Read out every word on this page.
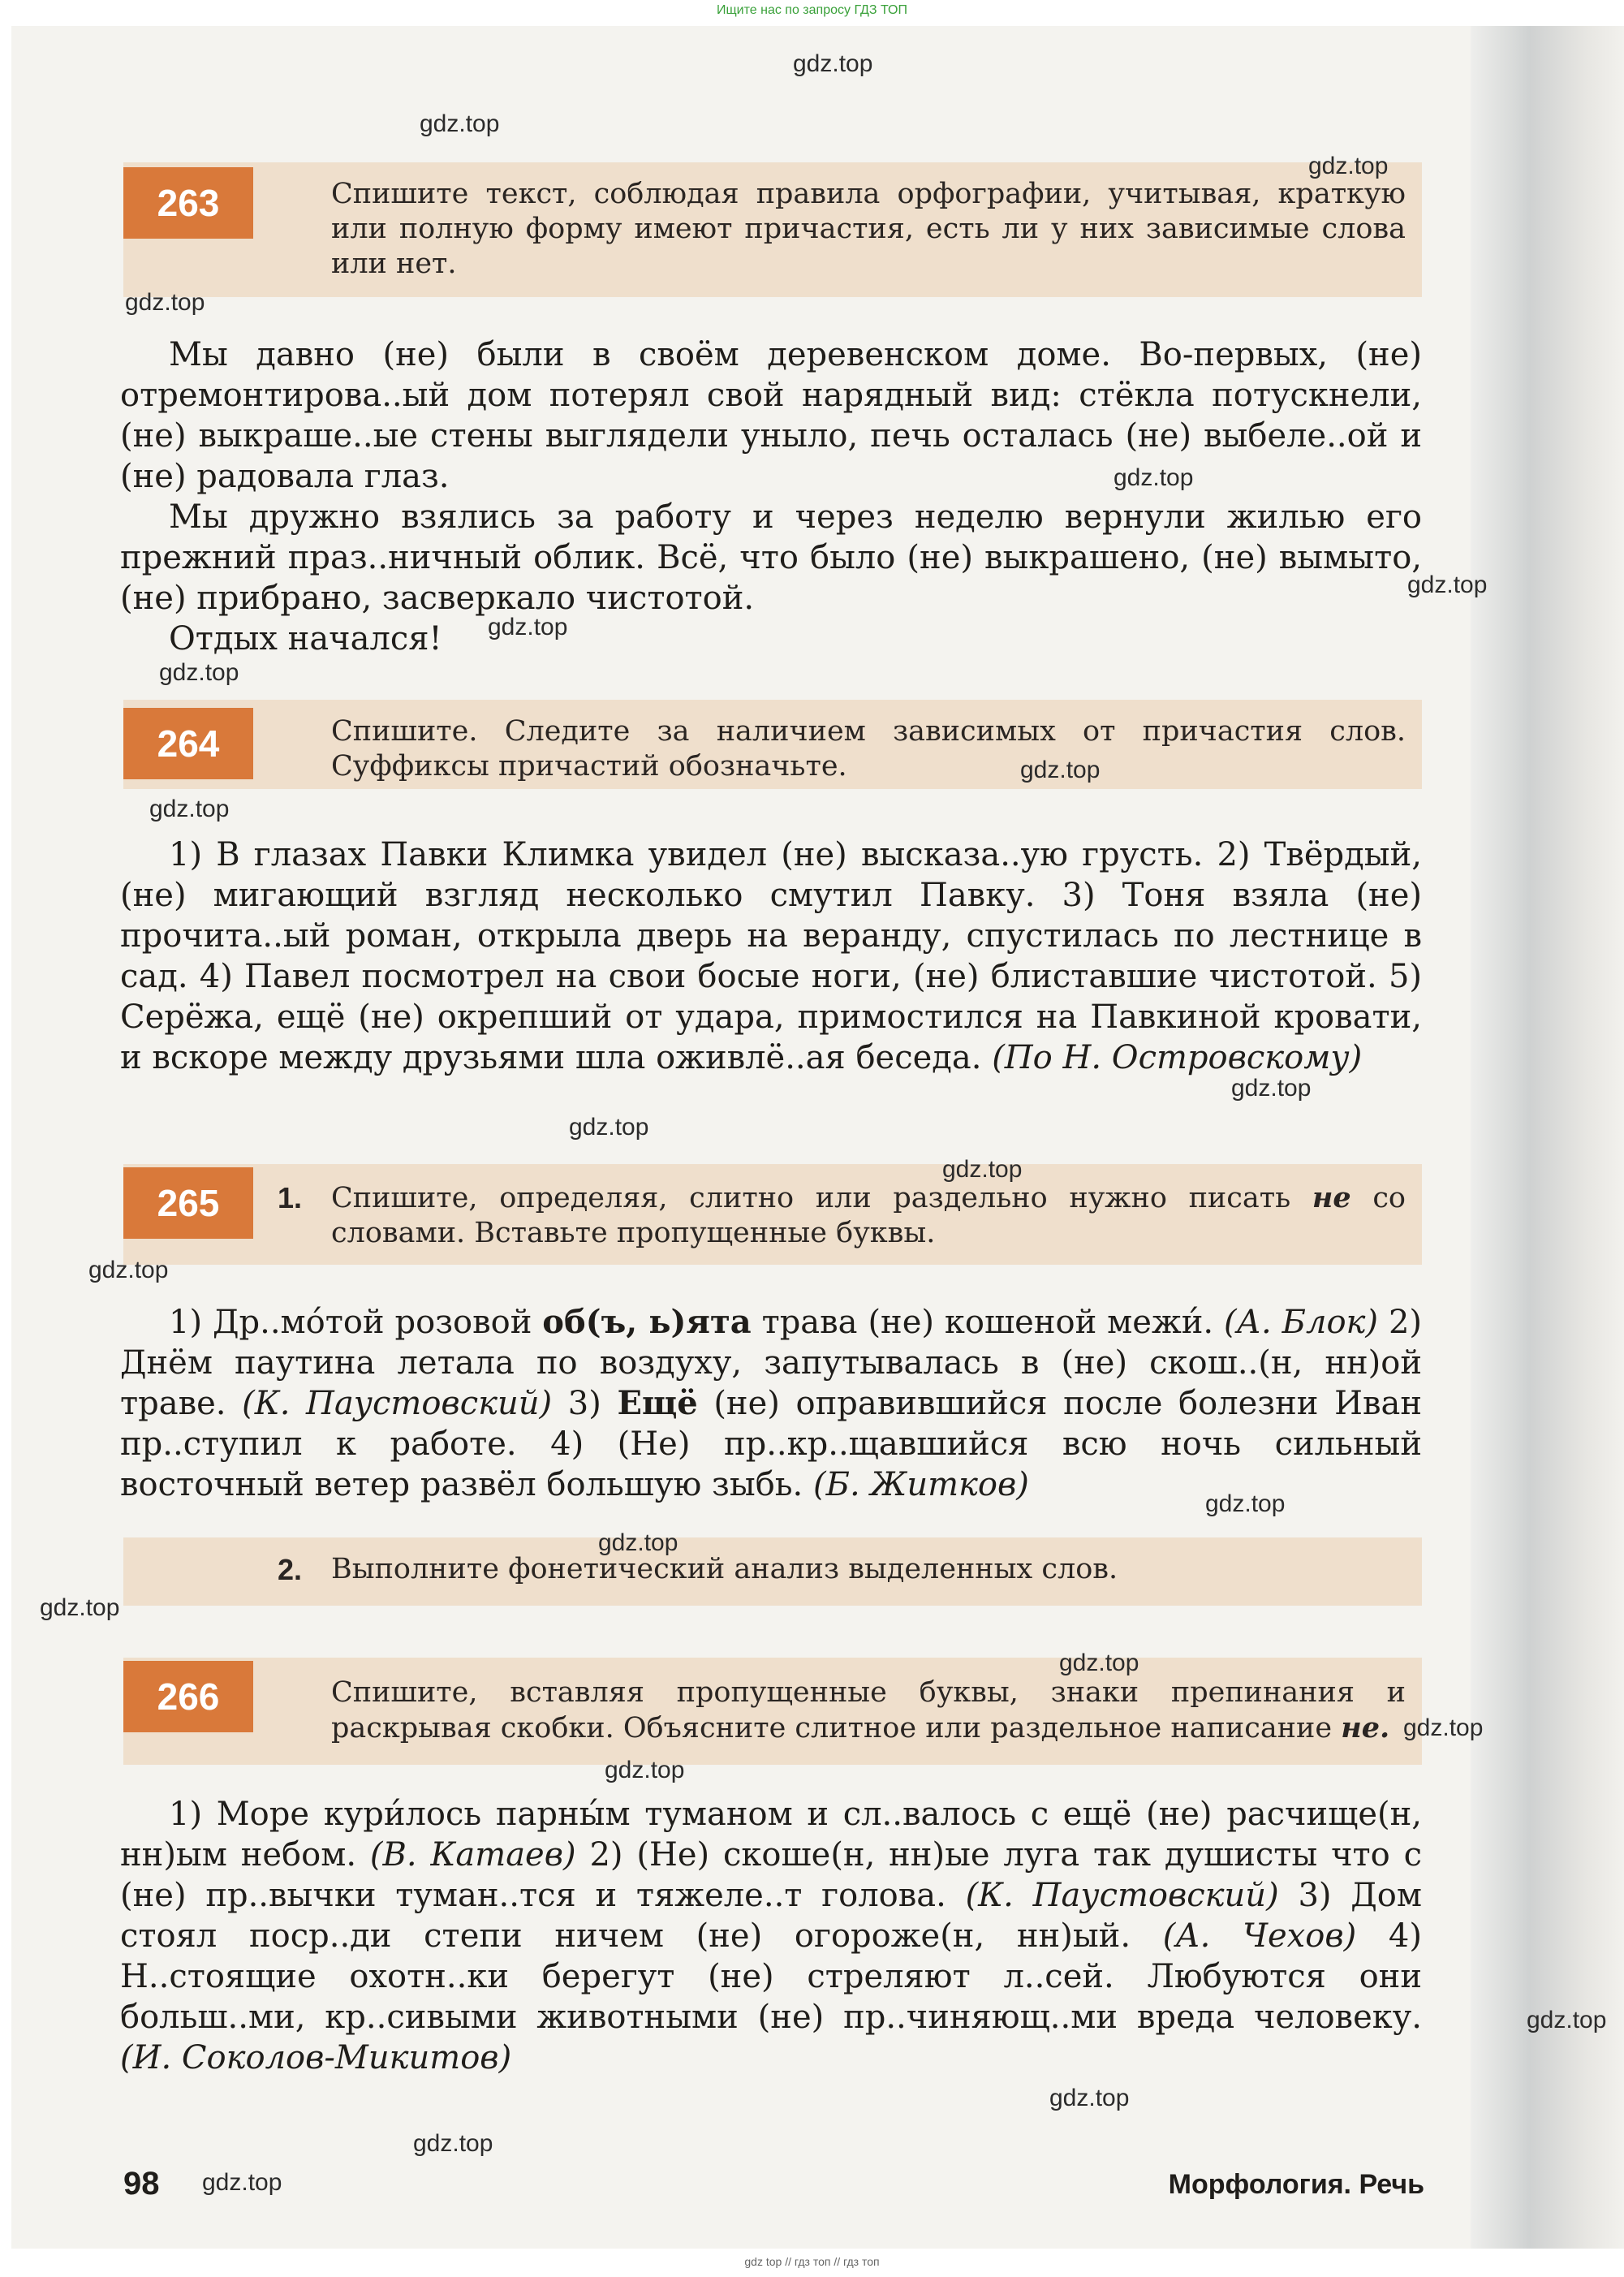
Ищите нас по запросу ГДЗ ТОП
263	Спишите текст, соблюдая правила орфографии, учитывая, краткую или полную форму имеют причастия, есть ли у них зависимые слова или нет.

Мы давно (не) были в своём деревенском доме. Во-первых, (не) отремонтирова..ый дом потерял свой нарядный вид: стёкла потускнели, (не) выкраше..ые стены выглядели уныло, печь осталась (не) выбеле..ой и (не) радовала глаз.

Мы дружно взялись за работу и через неделю вернули жилью его прежний праз..ничный облик. Всё, что было (не) выкрашено, (не) вымыто, (не) прибрано, засверкало чистотой.

Отдых начался!

264	Спишите. Следите за наличием зависимых от причастия слов. Суффиксы причастий обозначьте.

1) В глазах Павки Климка увидел (не) высказа..ую грусть. 2) Твёрдый, (не) мигающий взгляд несколько смутил Павку. 3) Тоня взяла (не) прочита..ый роман, открыла дверь на веранду, спустилась по лестнице в сад. 4) Павел посмотрел на свои босые ноги, (не) блиставшие чистотой. 5) Серёжа, ещё (не) окрепший от удара, примостился на Павкиной кровати, и вскоре между друзьями шла оживлё..ая беседа. (По Н. Островскому)

265	1. Спишите, определяя, слитно или раздельно нужно писать не со словами. Вставьте пропущенные буквы.

1) Др..мо́той розовой об(ъ, ь)ята трава (не) кошеной межи́. (А. Блок) 2) Днём паутина летала по воздуху, запутывалась в (не) скош..(н, нн)ой траве. (К. Паустовский) 3) Ещё (не) оправившийся после болезни Иван пр..ступил к работе. 4) (Не) пр..кр..щавшийся всю ночь сильный восточный ветер развёл большую зыбь. (Б. Житков)

2. Выполните фонетический анализ выделенных слов.
266	Спишите, вставляя пропущенные буквы, знаки препинания и раскрывая скобки. Объясните слитное или раздельное написание не.

1) Море кури́лось парны́м туманом и сл..валось с ещё (не) расчище(н, нн)ым небом. (В. Катаев) 2) (Не) скоше(н, нн)ые луга так душисты что с (не) пр..вычки туман..тся и тяжеле..т голова. (К. Паустовский) 3) Дом стоял поср..ди степи ничем (не) огороже(н, нн)ый. (А. Чехов) 4) Н..стоящие охотн..ки берегут (не) стреляют л..сей. Любуются они больш..ми, кр..сивыми животными (не) пр..чиняющ..ми вреда человеку. (И. Соколов-Микитов)

98	Морфология. Речь
gdz.top
gdz.top
gdz.top
gdz.top
gdz.top
gdz.top
gdz.top
gdz.top
gdz.top
gdz.top
gdz.top
gdz.top
gdz.top
gdz.top
gdz.top
gdz.top
gdz.top
gdz.top
gdz.top
gdz.top
gdz.top
gdz.top
gdz.top
gdz.top
gdz top // гдз топ // гдз топ
